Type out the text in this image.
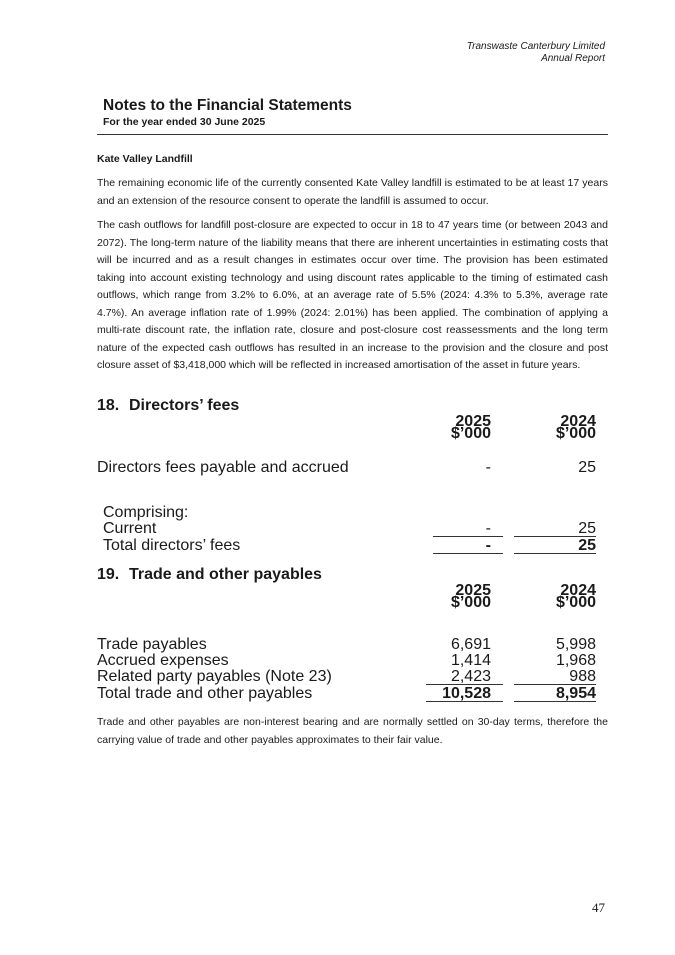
Transwaste Canterbury Limited
Annual Report
Notes to the Financial Statements
For the year ended 30 June 2025
Kate Valley Landfill

The remaining economic life of the currently consented Kate Valley landfill is estimated to be at least 17 years and an extension of the resource consent to operate the landfill is assumed to occur.

The cash outflows for landfill post-closure are expected to occur in 18 to 47 years time (or between 2043 and 2072). The long-term nature of the liability means that there are inherent uncertainties in estimating costs that will be incurred and as a result changes in estimates occur over time. The provision has been estimated taking into account existing technology and using discount rates applicable to the timing of estimated cash outflows, which range from 3.2% to 6.0%, at an average rate of 5.5% (2024: 4.3% to 5.3%, average rate 4.7%). An average inflation rate of 1.99% (2024: 2.01%) has been applied. The combination of applying a multi-rate discount rate, the inflation rate, closure and post-closure cost reassessments and the long term nature of the expected cash outflows has resulted in an increase to the provision and the closure and post closure asset of $3,418,000 which will be reflected in increased amortisation of the asset in future years.

18. Directors’ fees
2025
$’000
2024
$’000
Directors fees payable and accrued	-	25
Comprising:
Current	-	25
Total directors’ fees	-	25
19. Trade and other payables
2025
$’000
2024
$’000
Trade payables	6,691	5,998
Accrued expenses	1,414	1,968
Related party payables (Note 23)	2,423	988
Total trade and other payables	10,528	8,954

Trade and other payables are non-interest bearing and are normally settled on 30-day terms, therefore the carrying value of trade and other payables approximates to their fair value.

47
